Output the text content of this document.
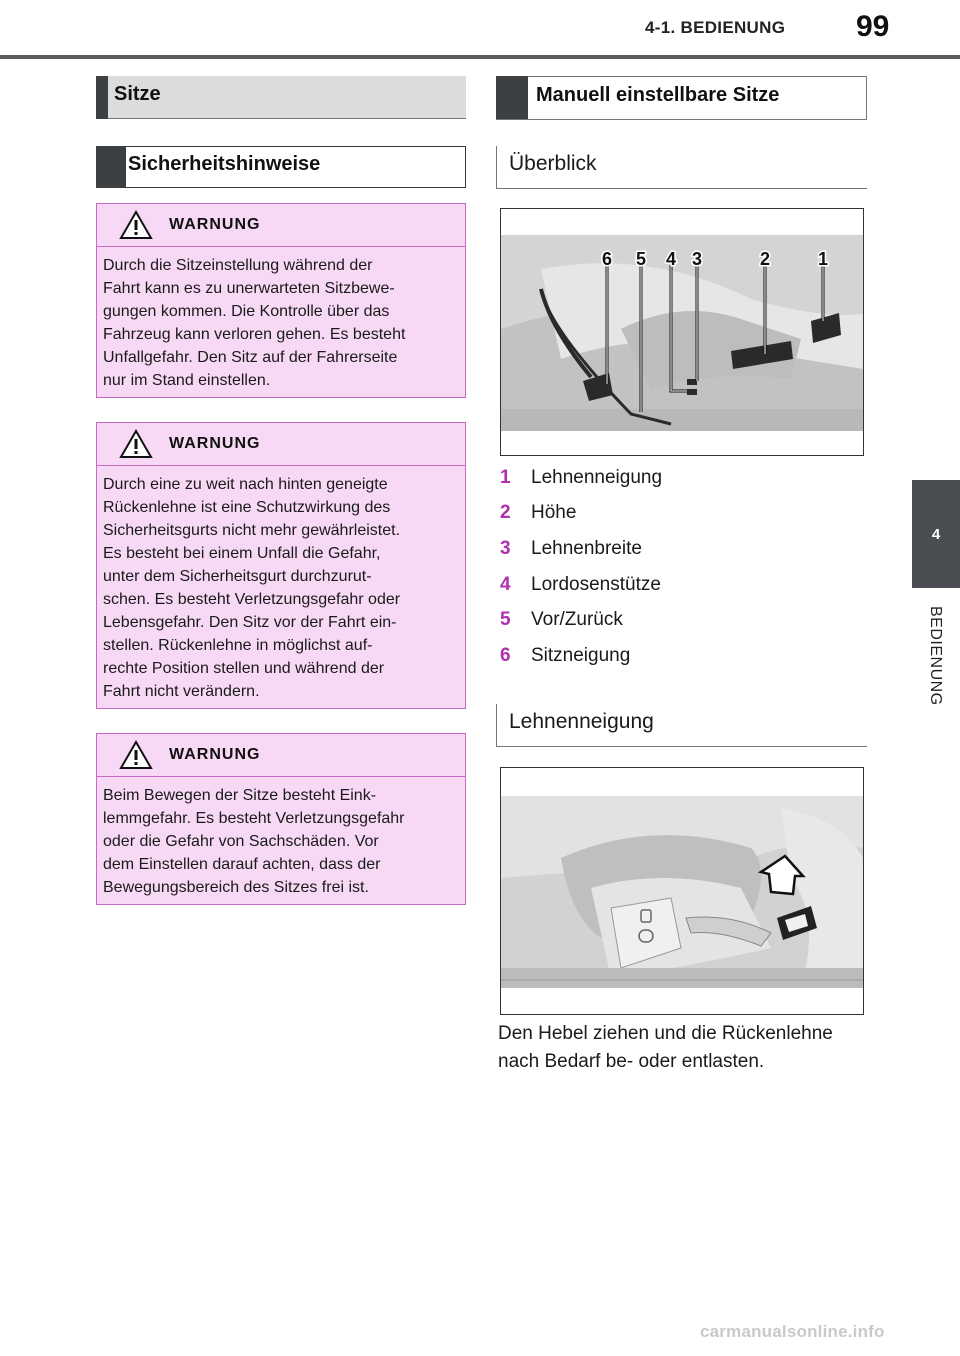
4-1. BEDIENUNG 99
4
BEDIENUNG
Sitze
Sicherheitshinweise
WARNUNG
Durch die Sitzeinstellung während der
Fahrt kann es zu unerwarteten Sitzbewe-
gungen kommen. Die Kontrolle über das
Fahrzeug kann verloren gehen. Es besteht
Unfallgefahr. Den Sitz auf der Fahrerseite
nur im Stand einstellen.
WARNUNG
Durch eine zu weit nach hinten geneigte
Rückenlehne ist eine Schutzwirkung des
Sicherheitsgurts nicht mehr gewährleistet.
Es besteht bei einem Unfall die Gefahr,
unter dem Sicherheitsgurt durchzurut-
schen. Es besteht Verletzungsgefahr oder
Lebensgefahr. Den Sitz vor der Fahrt ein-
stellen. Rückenlehne in möglichst auf-
rechte Position stellen und während der
Fahrt nicht verändern.
WARNUNG
Beim Bewegen der Sitze besteht Eink-
lemmgefahr. Es besteht Verletzungsgefahr
oder die Gefahr von Sachschäden. Vor
dem Einstellen darauf achten, dass der
Bewegungsbereich des Sitzes frei ist.
Manuell einstellbare Sitze
Überblick
6 5 4 3	2	1
1	Lehnenneigung
2	Höhe
3	Lehnenbreite
4	Lordosenstütze
5	Vor/Zurück
6	Sitzneigung
Lehnenneigung
Den Hebel ziehen und die Rückenlehne nach Bedarf be- oder entlasten.
carmanualsonline.info
